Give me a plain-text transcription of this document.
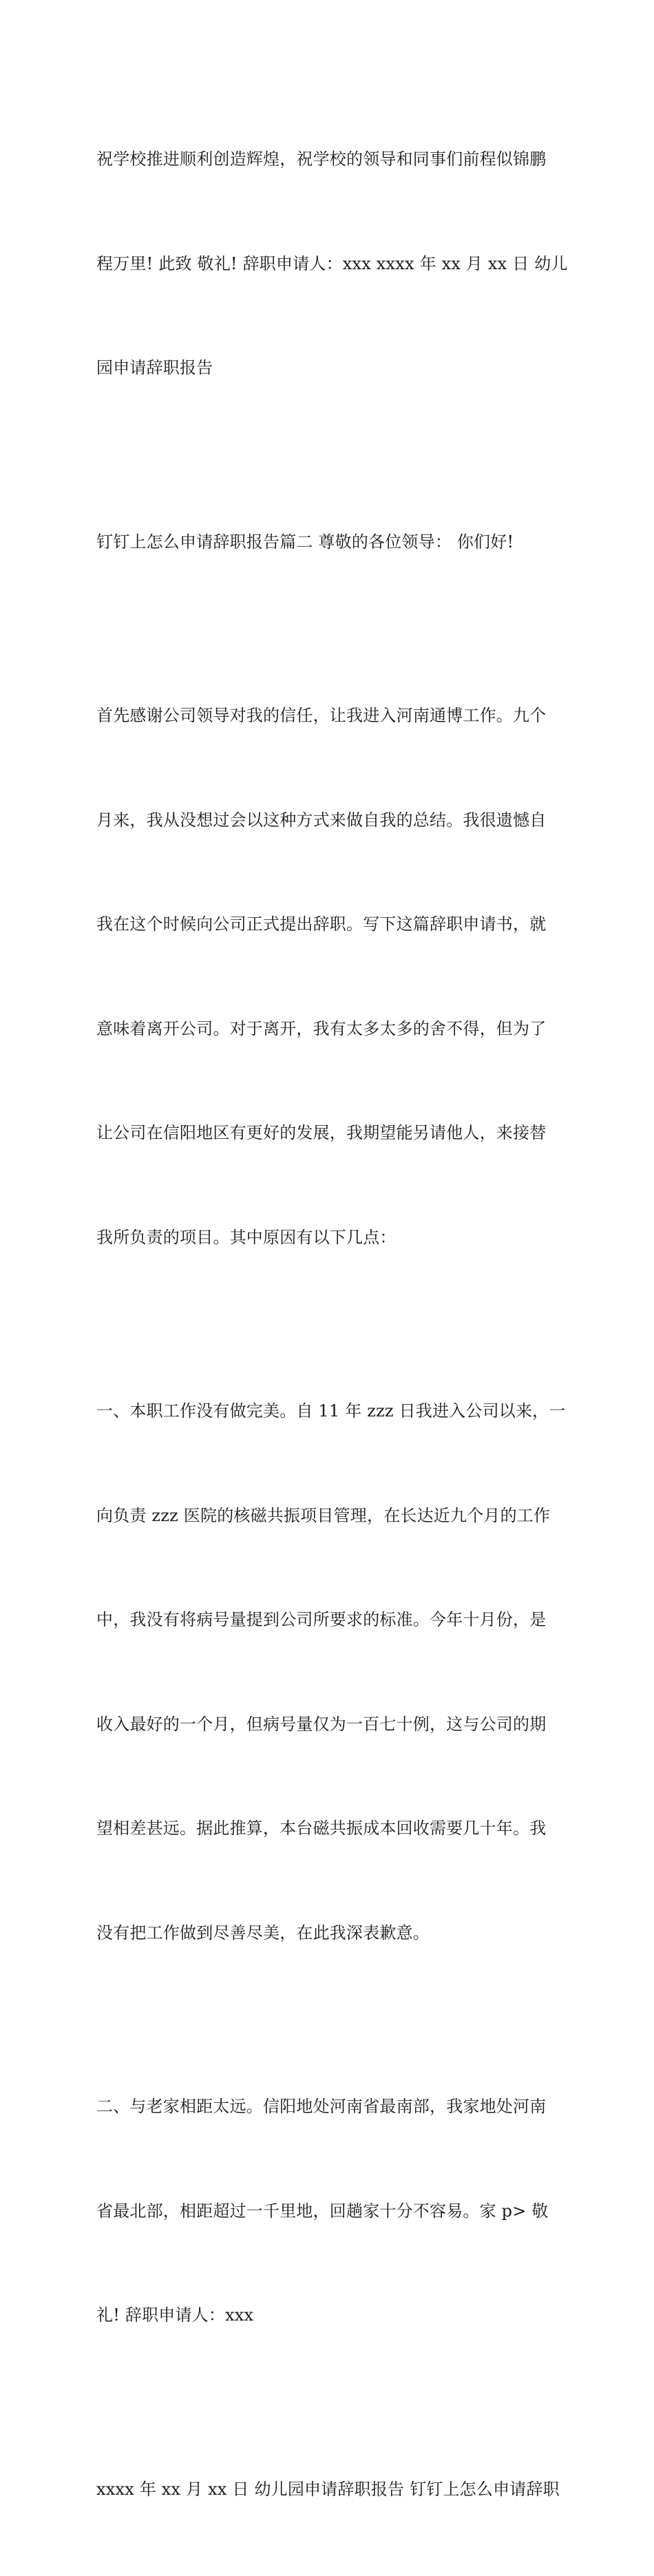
祝学校推进顺利创造辉煌，祝学校的领导和同事们前程似锦鹏

程万里! 此致 敬礼! 辞职申请人：xxx xxxx 年 xx 月 xx 日 幼儿

园申请辞职报告

钉钉上怎么申请辞职报告篇二 尊敬的各位领导： 你们好!

首先感谢公司领导对我的信任，让我进入河南通博工作。九个

月来，我从没想过会以这种方式来做自我的总结。我很遗憾自

我在这个时候向公司正式提出辞职。写下这篇辞职申请书，就

意味着离开公司。对于离开，我有太多太多的舍不得，但为了

让公司在信阳地区有更好的发展，我期望能另请他人，来接替

我所负责的项目。其中原因有以下几点：

一、本职工作没有做完美。自 11 年 zzz 日我进入公司以来，一

向负责 zzz 医院的核磁共振项目管理，在长达近九个月的工作

中，我没有将病号量提到公司所要求的标准。今年十月份，是

收入最好的一个月，但病号量仅为一百七十例，这与公司的期

望相差甚远。据此推算，本台磁共振成本回收需要几十年。我

没有把工作做到尽善尽美，在此我深表歉意。

二、与老家相距太远。信阳地处河南省最南部，我家地处河南

省最北部，相距超过一千里地，回趟家十分不容易。家 p> 敬

礼! 辞职申请人：xxx

xxxx 年 xx 月 xx 日 幼儿园申请辞职报告 钉钉上怎么申请辞职
